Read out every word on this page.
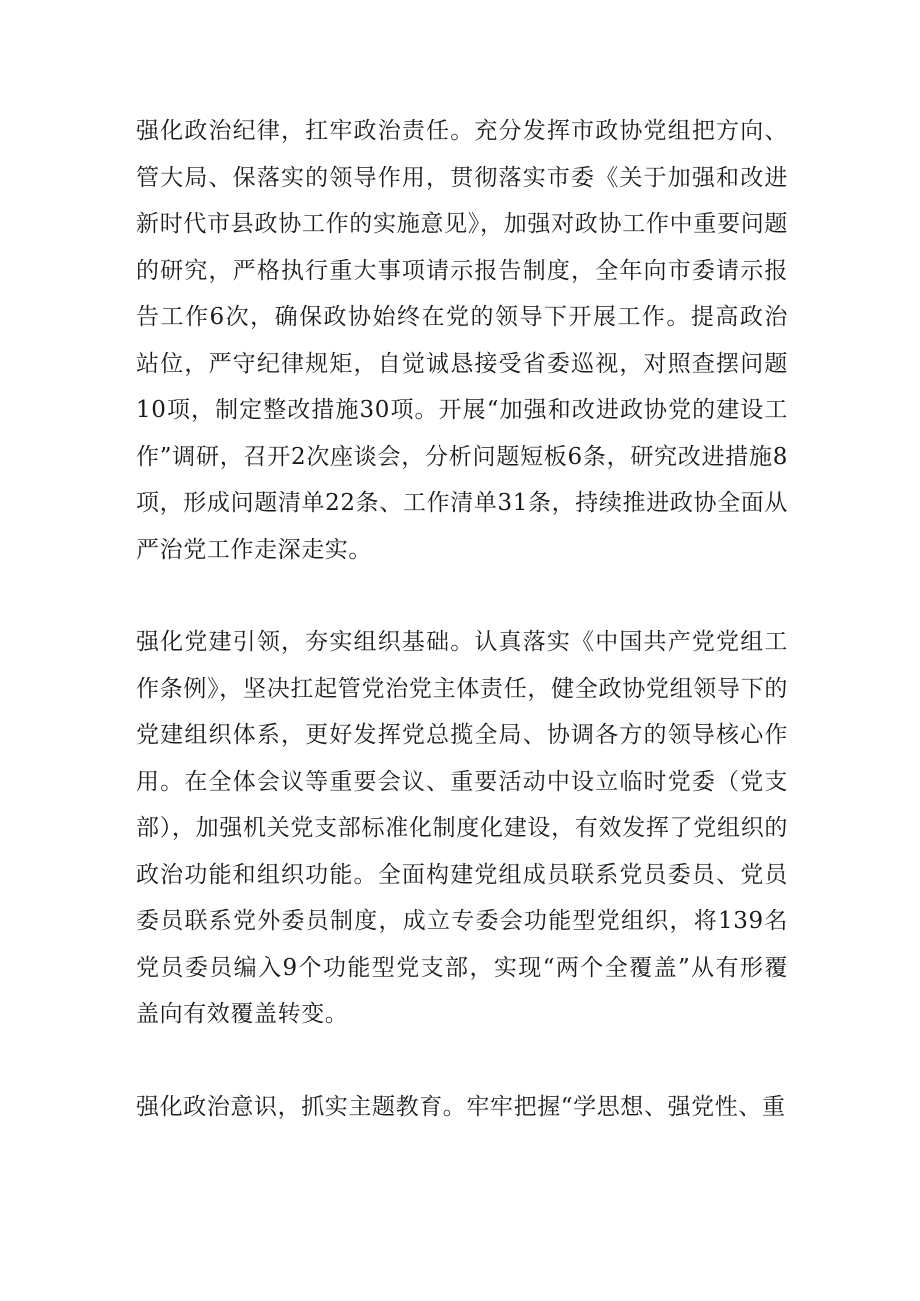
强化政治纪律，扛牢政治责任。充分发挥市政协党组把方向、管大局、保落实的领导作用，贯彻落实市委《关于加强和改进新时代市县政协工作的实施意见》，加强对政协工作中重要问题的研究，严格执行重大事项请示报告制度，全年向市委请示报告工作6次，确保政协始终在党的领导下开展工作。提高政治站位，严守纪律规矩，自觉诚恳接受省委巡视，对照查摆问题10项，制定整改措施30项。开展“加强和改进政协党的建设工作”调研，召开2次座谈会，分析问题短板6条，研究改进措施8项，形成问题清单22条、工作清单31条，持续推进政协全面从严治党工作走深走实。

强化党建引领，夯实组织基础。认真落实《中国共产党党组工作条例》，坚决扛起管党治党主体责任，健全政协党组领导下的党建组织体系，更好发挥党总揽全局、协调各方的领导核心作用。在全体会议等重要会议、重要活动中设立临时党委（党支部），加强机关党支部标准化制度化建设，有效发挥了党组织的政治功能和组织功能。全面构建党组成员联系党员委员、党员委员联系党外委员制度，成立专委会功能型党组织，将139名党员委员编入9个功能型党支部，实现“两个全覆盖”从有形覆盖向有效覆盖转变。

强化政治意识，抓实主题教育。牢牢把握“学思想、强党性、重
